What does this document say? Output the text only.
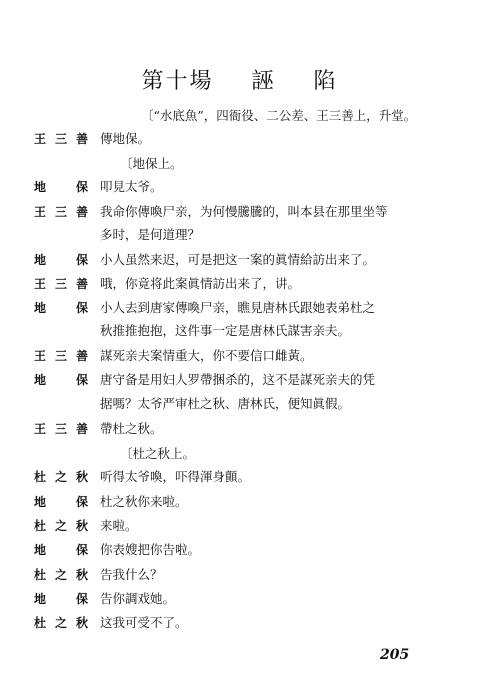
第十場 誣 陷
〔“水底魚”，四衙役、二公差、王三善上，升堂。
王三善 傳地保。
〔地保上。
地　保 叩見太爷。
王三善 我命你傳喚尸亲，为何慢騰騰的，叫本县在那里坐等
多时，是何道理？
地　保 小人虽然来迟，可是把这一案的眞情給訪出来了。
王三善 哦，你竟将此案眞情訪出来了，讲。
地　保 小人去到唐家傳喚尸亲，瞧見唐林氏跟她表弟杜之
秋推推抱抱，这件事一定是唐林氏謀害亲夫。
王三善 謀死亲夫案情重大，你不要信口雌黃。
地　保 唐守备是用妇人罗帶捆杀的，这不是謀死亲夫的凭
据嗎？太爷严审杜之秋、唐林氏，便知眞假。
王三善 帶杜之秋。
〔杜之秋上。
杜之秋 听得太爷喚，吓得渾身顫。
地　保 杜之秋你来啦。
杜之秋 来啦。
地　保 你表嫂把你告啦。
杜之秋 告我什么？
地　保 告你調戏她。
杜之秋 这我可受不了。
205
